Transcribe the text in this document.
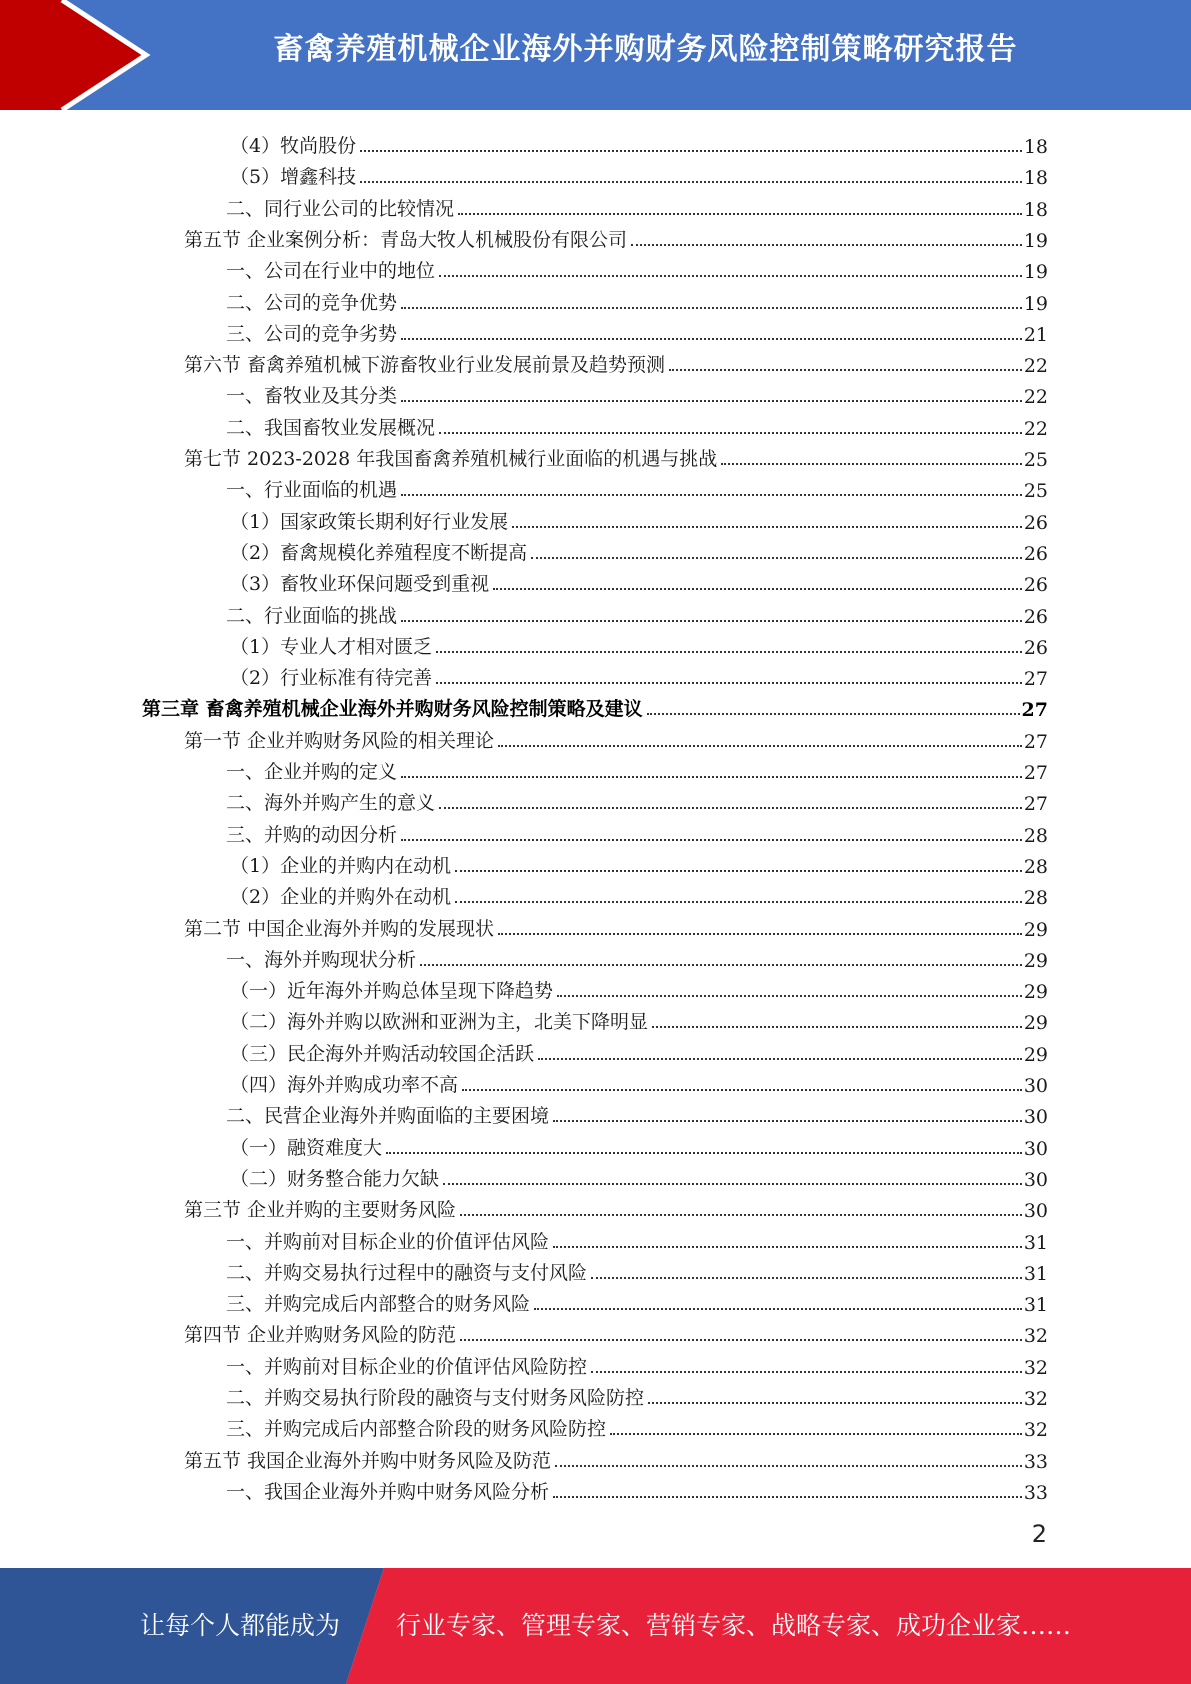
畜禽养殖机械企业海外并购财务风险控制策略研究报告
（4）牧尚股份	18
（5）增鑫科技	18
二、同行业公司的比较情况	18
第五节 企业案例分析：青岛大牧人机械股份有限公司	19
一、公司在行业中的地位	19
二、公司的竞争优势	19
三、公司的竞争劣势	21
第六节 畜禽养殖机械下游畜牧业行业发展前景及趋势预测	22
一、畜牧业及其分类	22
二、我国畜牧业发展概况	22
第七节 2023-2028 年我国畜禽养殖机械行业面临的机遇与挑战	25
一、行业面临的机遇	25
（1）国家政策长期利好行业发展	26
（2）畜禽规模化养殖程度不断提高	26
（3）畜牧业环保问题受到重视	26
二、行业面临的挑战	26
（1）专业人才相对匮乏	26
（2）行业标准有待完善	27
第三章 畜禽养殖机械企业海外并购财务风险控制策略及建议	27
第一节 企业并购财务风险的相关理论	27
一、企业并购的定义	27
二、海外并购产生的意义	27
三、并购的动因分析	28
（1）企业的并购内在动机	28
（2）企业的并购外在动机	28
第二节 中国企业海外并购的发展现状	29
一、海外并购现状分析	29
（一）近年海外并购总体呈现下降趋势	29
（二）海外并购以欧洲和亚洲为主，北美下降明显	29
（三）民企海外并购活动较国企活跃	29
（四）海外并购成功率不高	30
二、民营企业海外并购面临的主要困境	30
（一）融资难度大	30
（二）财务整合能力欠缺	30
第三节 企业并购的主要财务风险	30
一、并购前对目标企业的价值评估风险	31
二、并购交易执行过程中的融资与支付风险	31
三、并购完成后内部整合的财务风险	31
第四节 企业并购财务风险的防范	32
一、并购前对目标企业的价值评估风险防控	32
二、并购交易执行阶段的融资与支付财务风险防控	32
三、并购完成后内部整合阶段的财务风险防控	32
第五节 我国企业海外并购中财务风险及防范	33
一、我国企业海外并购中财务风险分析	33
2
让每个人都能成为 行业专家、管理专家、营销专家、战略专家、成功企业家……
